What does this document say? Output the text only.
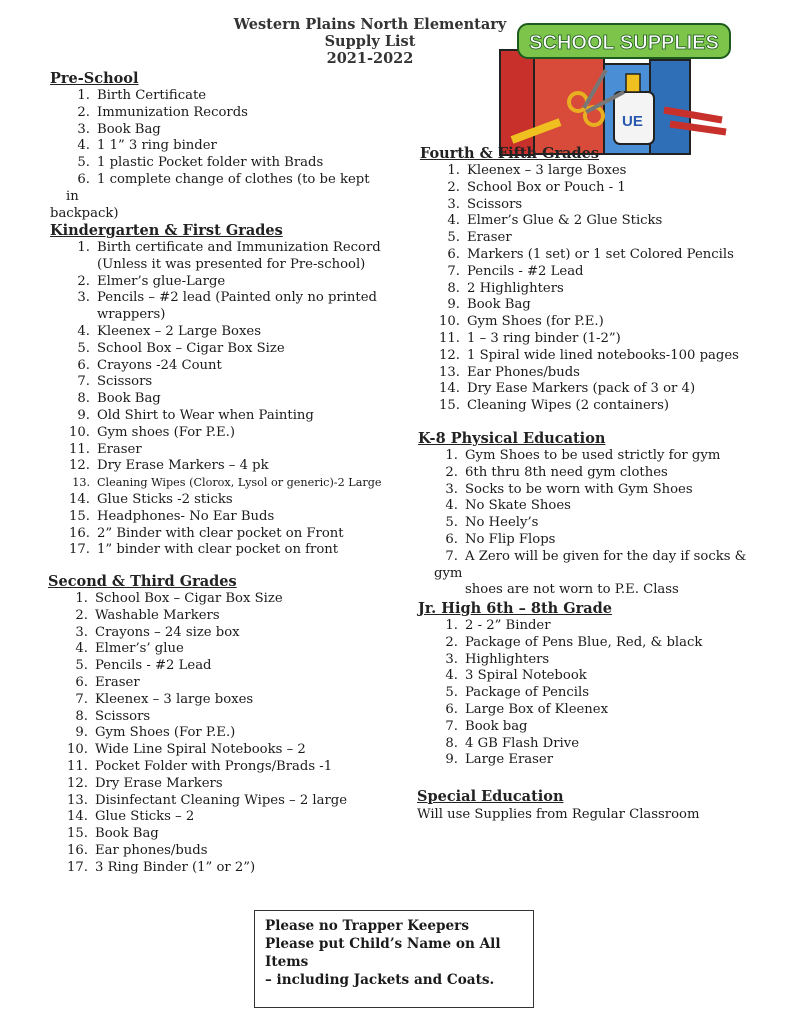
Western Plains North Elementary
Supply List
2021-2022
UE
SCHOOL SUPPLIES
Pre-School
1. Birth Certificate
2. Immunization Records
3. Book Bag
4. 1 1” 3 ring binder
5. 1 plastic Pocket folder with Brads
6. 1 complete change of clothes (to be kept in
backpack)
Kindergarten & First Grades
1. Birth certificate and Immunization Record
(Unless it was presented for Pre-school)
2. Elmer’s glue-Large
3. Pencils – #2 lead (Painted only no printed
wrappers)
4. Kleenex – 2 Large Boxes
5. School Box – Cigar Box Size
6. Crayons -24 Count
7. Scissors
8. Book Bag
9. Old Shirt to Wear when Painting
10. Gym shoes (For P.E.)
11. Eraser
12. Dry Erase Markers – 4 pk
13. Cleaning Wipes (Clorox, Lysol or generic)-2 Large
14. Glue Sticks -2 sticks
15. Headphones- No Ear Buds
16. 2” Binder with clear pocket on Front
17. 1” binder with clear pocket on front
Second & Third Grades
1. School Box – Cigar Box Size
2. Washable Markers
3. Crayons – 24 size box
4. Elmer’s’ glue
5. Pencils - #2 Lead
6. Eraser
7. Kleenex – 3 large boxes
8. Scissors
9. Gym Shoes (For P.E.)
10. Wide Line Spiral Notebooks – 2
11. Pocket Folder with Prongs/Brads -1
12. Dry Erase Markers
13. Disinfectant Cleaning Wipes – 2 large
14. Glue Sticks – 2
15. Book Bag
16. Ear phones/buds
17. 3 Ring Binder (1” or 2”)
Fourth & Fifth Grades
1. Kleenex – 3 large Boxes
2. School Box or Pouch - 1
3. Scissors
4. Elmer’s Glue & 2 Glue Sticks
5. Eraser
6. Markers (1 set) or 1 set Colored Pencils
7. Pencils - #2 Lead
8. 2 Highlighters
9. Book Bag
10. Gym Shoes (for P.E.)
11. 1 – 3 ring binder (1-2”)
12. 1 Spiral wide lined notebooks-100 pages
13. Ear Phones/buds
14. Dry Ease Markers (pack of 3 or 4)
15. Cleaning Wipes (2 containers)
K-8 Physical Education
1. Gym Shoes to be used strictly for gym
2. 6th thru 8th need gym clothes
3. Socks to be worn with Gym Shoes
4. No Skate Shoes
5. No Heely’s
6. No Flip Flops
7. A Zero will be given for the day if socks & gym
shoes are not worn to P.E. Class
Jr. High 6th – 8th Grade
1. 2 - 2” Binder
2. Package of Pens Blue, Red, & black
3. Highlighters
4. 3 Spiral Notebook
5. Package of Pencils
6. Large Box of Kleenex
7. Book bag
8. 4 GB Flash Drive
9. Large Eraser
Special Education
Will use Supplies from Regular Classroom
Please no Trapper Keepers
Please put Child’s Name on All Items
– including Jackets and Coats.
